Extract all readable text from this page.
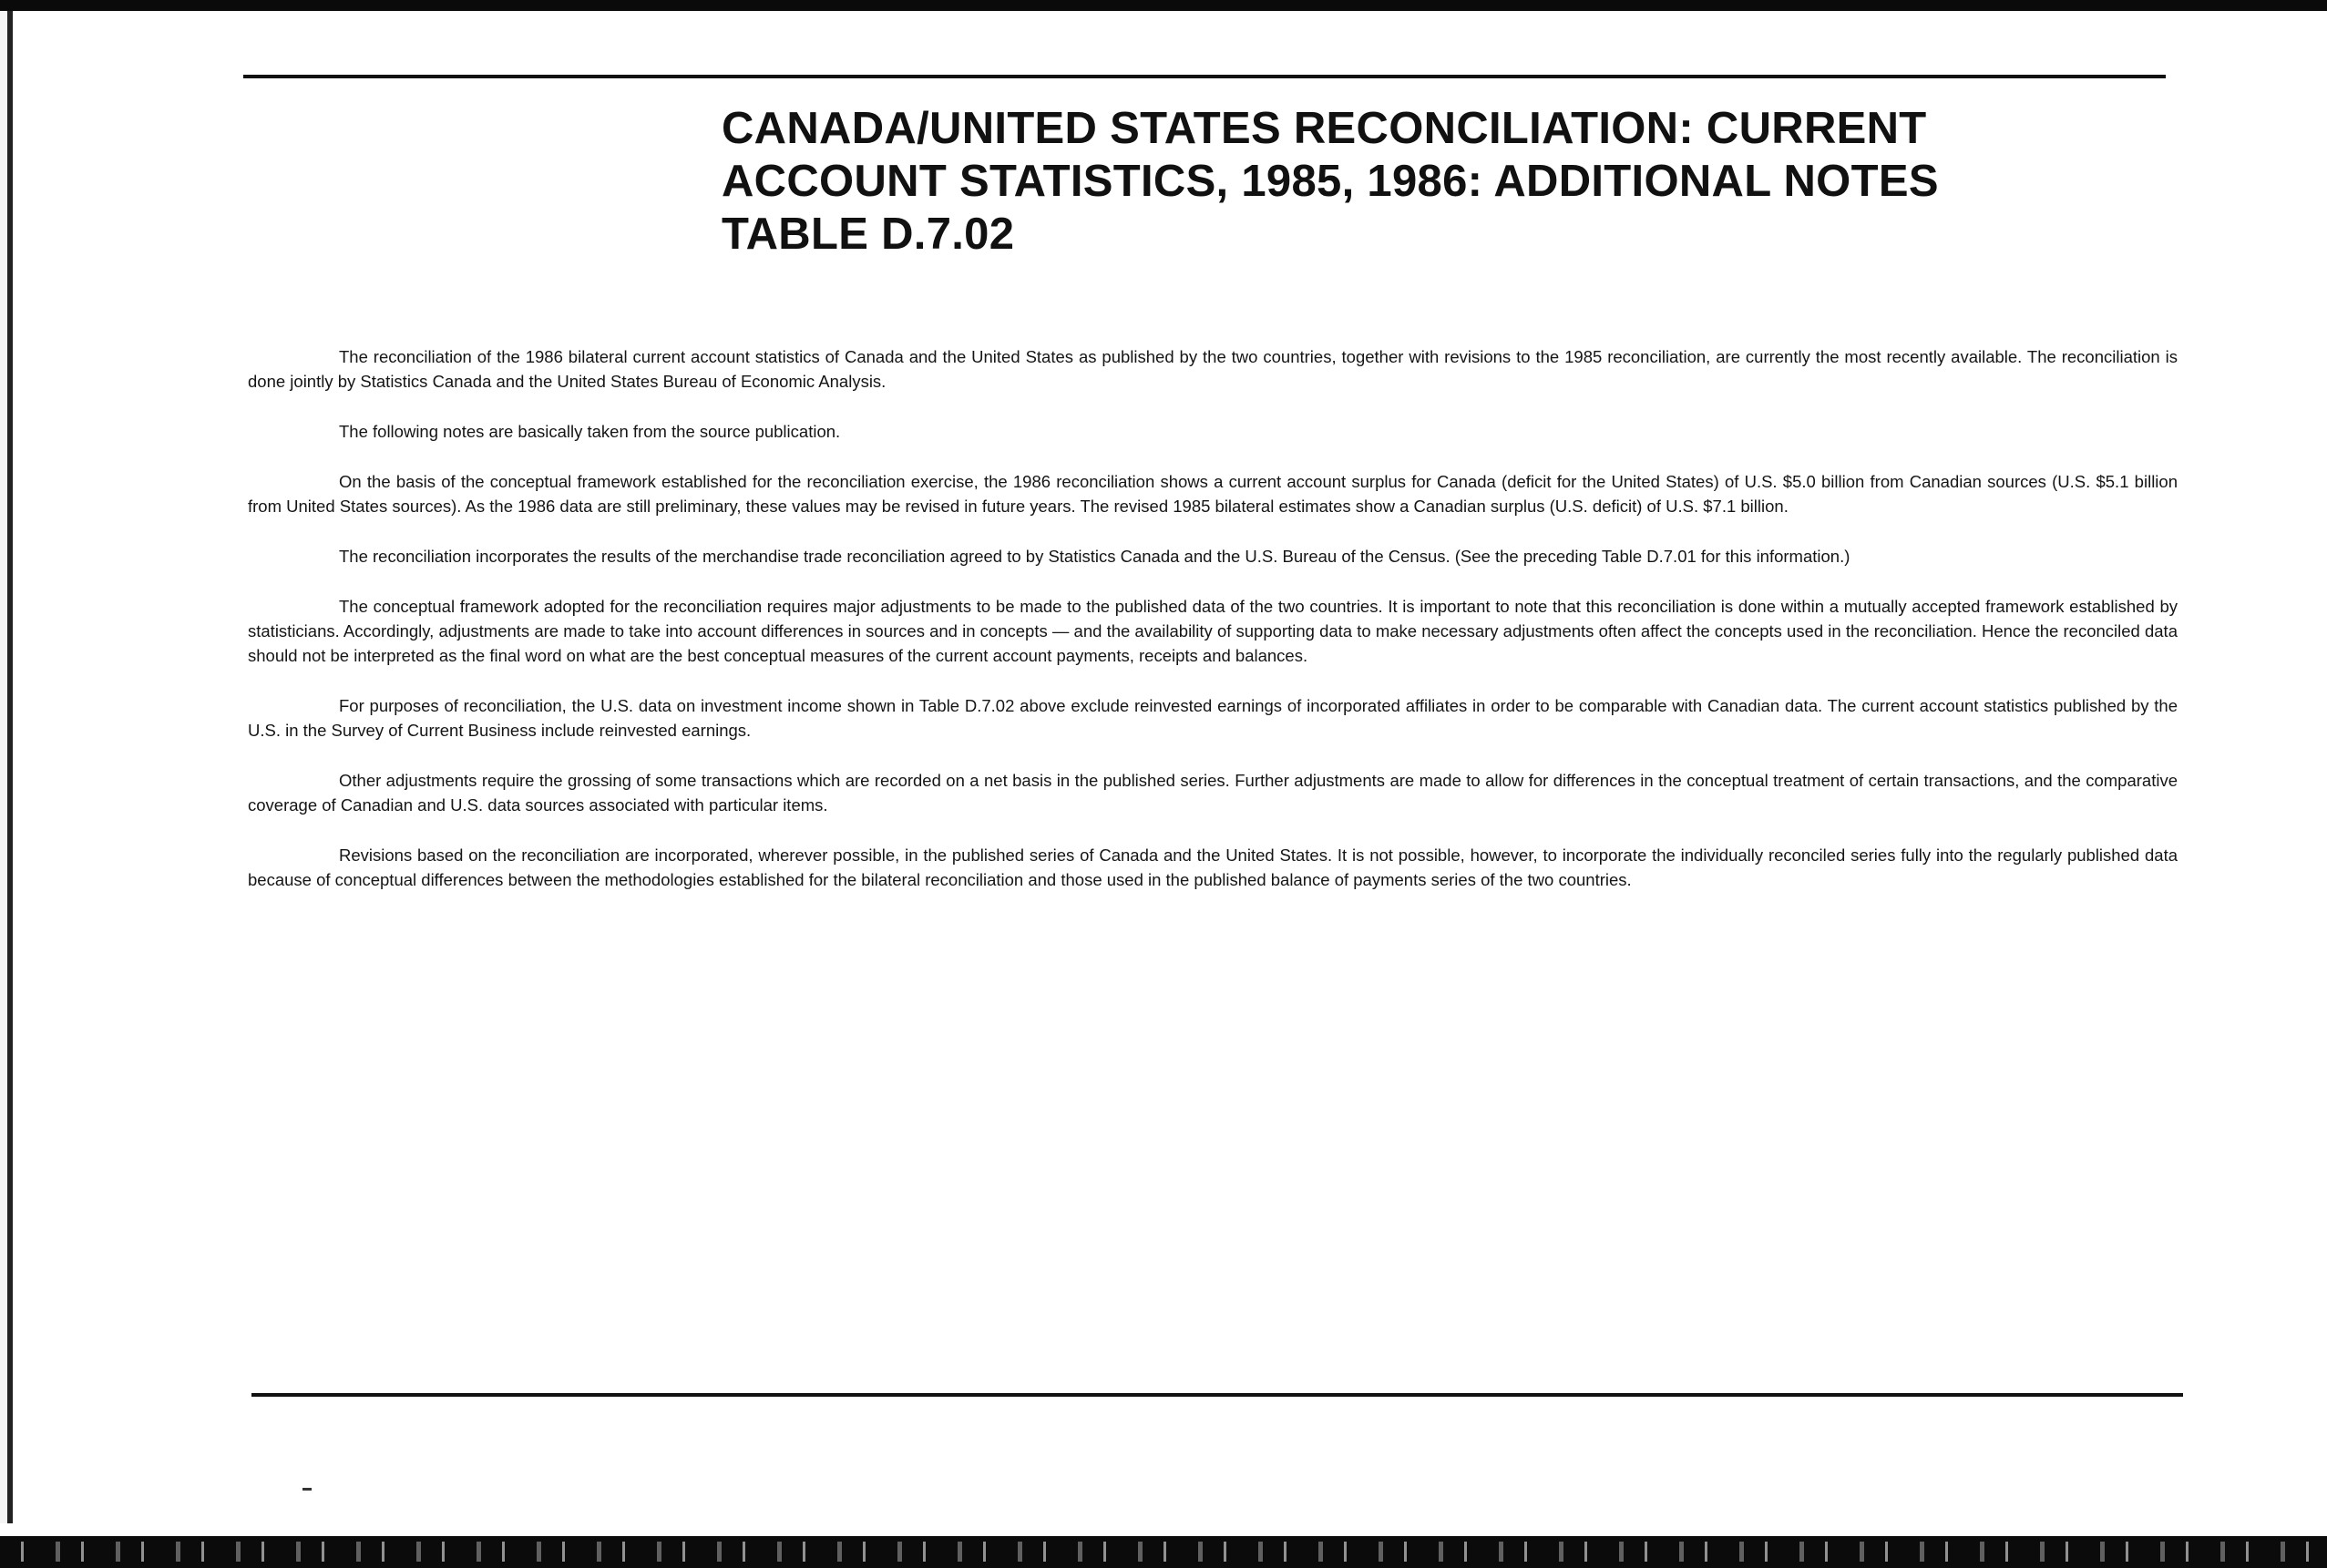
CANADA/UNITED STATES RECONCILIATION: CURRENT
ACCOUNT STATISTICS, 1985, 1986: ADDITIONAL NOTES
TABLE D.7.02

The reconciliation of the 1986 bilateral current account statistics of Canada and the United States as published by the two countries, together with revisions to the 1985 reconciliation, are currently the most recently available. The reconciliation is done jointly by Statistics Canada and the United States Bureau of Economic Analysis.

The following notes are basically taken from the source publication.

On the basis of the conceptual framework established for the reconciliation exercise, the 1986 reconciliation shows a current account surplus for Canada (deficit for the United States) of U.S. $5.0 billion from Canadian sources (U.S. $5.1 billion from United States sources). As the 1986 data are still preliminary, these values may be revised in future years. The revised 1985 bilateral estimates show a Canadian surplus (U.S. deficit) of U.S. $7.1 billion.

The reconciliation incorporates the results of the merchandise trade reconciliation agreed to by Statistics Canada and the U.S. Bureau of the Census. (See the preceding Table D.7.01 for this information.)

The conceptual framework adopted for the reconciliation requires major adjustments to be made to the published data of the two countries. It is important to note that this reconciliation is done within a mutually accepted framework established by statisticians. Accordingly, adjustments are made to take into account differences in sources and in concepts — and the availability of supporting data to make necessary adjustments often affect the concepts used in the reconciliation. Hence the reconciled data should not be interpreted as the final word on what are the best conceptual measures of the current account payments, receipts and balances.

For purposes of reconciliation, the U.S. data on investment income shown in Table D.7.02 above exclude reinvested earnings of incorporated affiliates in order to be comparable with Canadian data. The current account statistics published by the U.S. in the Survey of Current Business include reinvested earnings.

Other adjustments require the grossing of some transactions which are recorded on a net basis in the published series. Further adjustments are made to allow for differences in the conceptual treatment of certain transactions, and the comparative coverage of Canadian and U.S. data sources associated with particular items.

Revisions based on the reconciliation are incorporated, wherever possible, in the published series of Canada and the United States. It is not possible, however, to incorporate the individually reconciled series fully into the regularly published data because of conceptual differences between the methodologies established for the bilateral reconciliation and those used in the published balance of payments series of the two countries.
